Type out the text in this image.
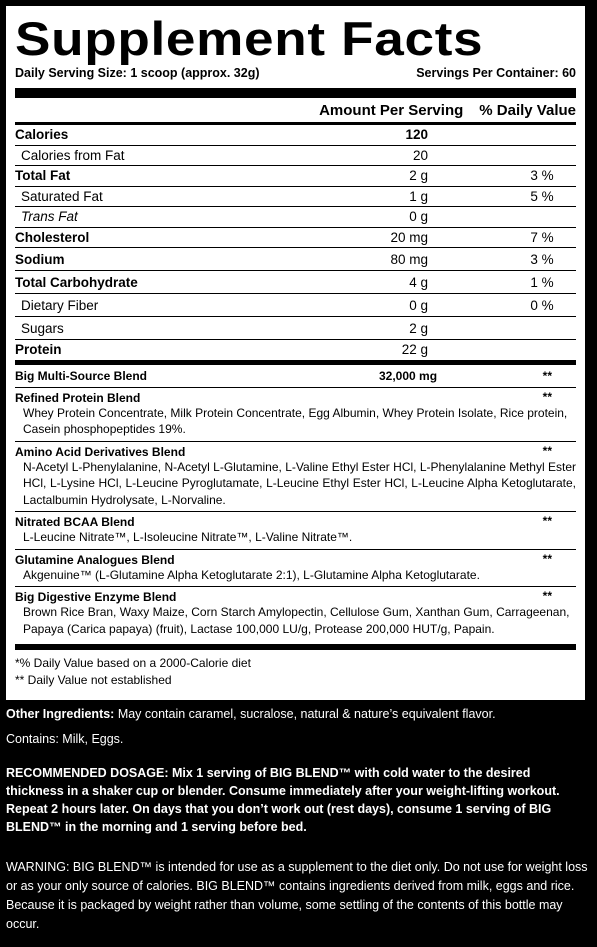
Supplement Facts
Daily Serving Size: 1 scoop (approx. 32g)	Servings Per Container: 60
Amount Per Serving % Daily Value
Calories	120
Calories from Fat	20
Total Fat	2 g	3 %
Saturated Fat	1 g	5 %
Trans Fat	0 g
Cholesterol	20 mg	7 %
Sodium	80 mg	3 %
Total Carbohydrate	4 g	1 %
Dietary Fiber	0 g	0 %
Sugars	2 g
Protein	22 g
Big Multi-Source Blend	32,000 mg	**
Refined Protein Blend	**
Whey Protein Concentrate, Milk Protein Concentrate, Egg Albumin, Whey Protein Isolate, Rice protein, Casein phosphopeptides 19%.
Amino Acid Derivatives Blend	**
N-Acetyl L-Phenylalanine, N-Acetyl L-Glutamine, L-Valine Ethyl Ester HCl, L-Phenylalanine Methyl Ester HCl, L-Lysine HCl, L-Leucine Pyroglutamate, L-Leucine Ethyl Ester HCl, L-Leucine Alpha Ketoglutarate, Lactalbumin Hydrolysate, L-Norvaline.
Nitrated BCAA Blend	**
L-Leucine Nitrate™, L-Isoleucine Nitrate™, L-Valine Nitrate™.
Glutamine Analogues Blend	**
Akgenuine™ (L-Glutamine Alpha Ketoglutarate 2:1), L-Glutamine Alpha Ketoglutarate.
Big Digestive Enzyme Blend	**
Brown Rice Bran, Waxy Maize, Corn Starch Amylopectin, Cellulose Gum, Xanthan Gum, Carrageenan, Papaya (Carica papaya) (fruit), Lactase 100,000 LU/g, Protease 200,000 HUT/g, Papain.
*% Daily Value based on a 2000-Calorie diet
** Daily Value not established
Other Ingredients: May contain caramel, sucralose, natural & nature’s equivalent flavor.
Contains: Milk, Eggs.
RECOMMENDED DOSAGE: Mix 1 serving of BIG BLEND™ with cold water to the desired thickness in a shaker cup or blender. Consume immediately after your weight-lifting workout. Repeat 2 hours later. On days that you don’t work out (rest days), consume 1 serving of BIG BLEND™ in the morning and 1 serving before bed.
WARNING: BIG BLEND™ is intended for use as a supplement to the diet only. Do not use for weight loss or as your only source of calories. BIG BLEND™ contains ingredients derived from milk, eggs and rice. Because it is packaged by weight rather than volume, some settling of the contents of this bottle may occur.
